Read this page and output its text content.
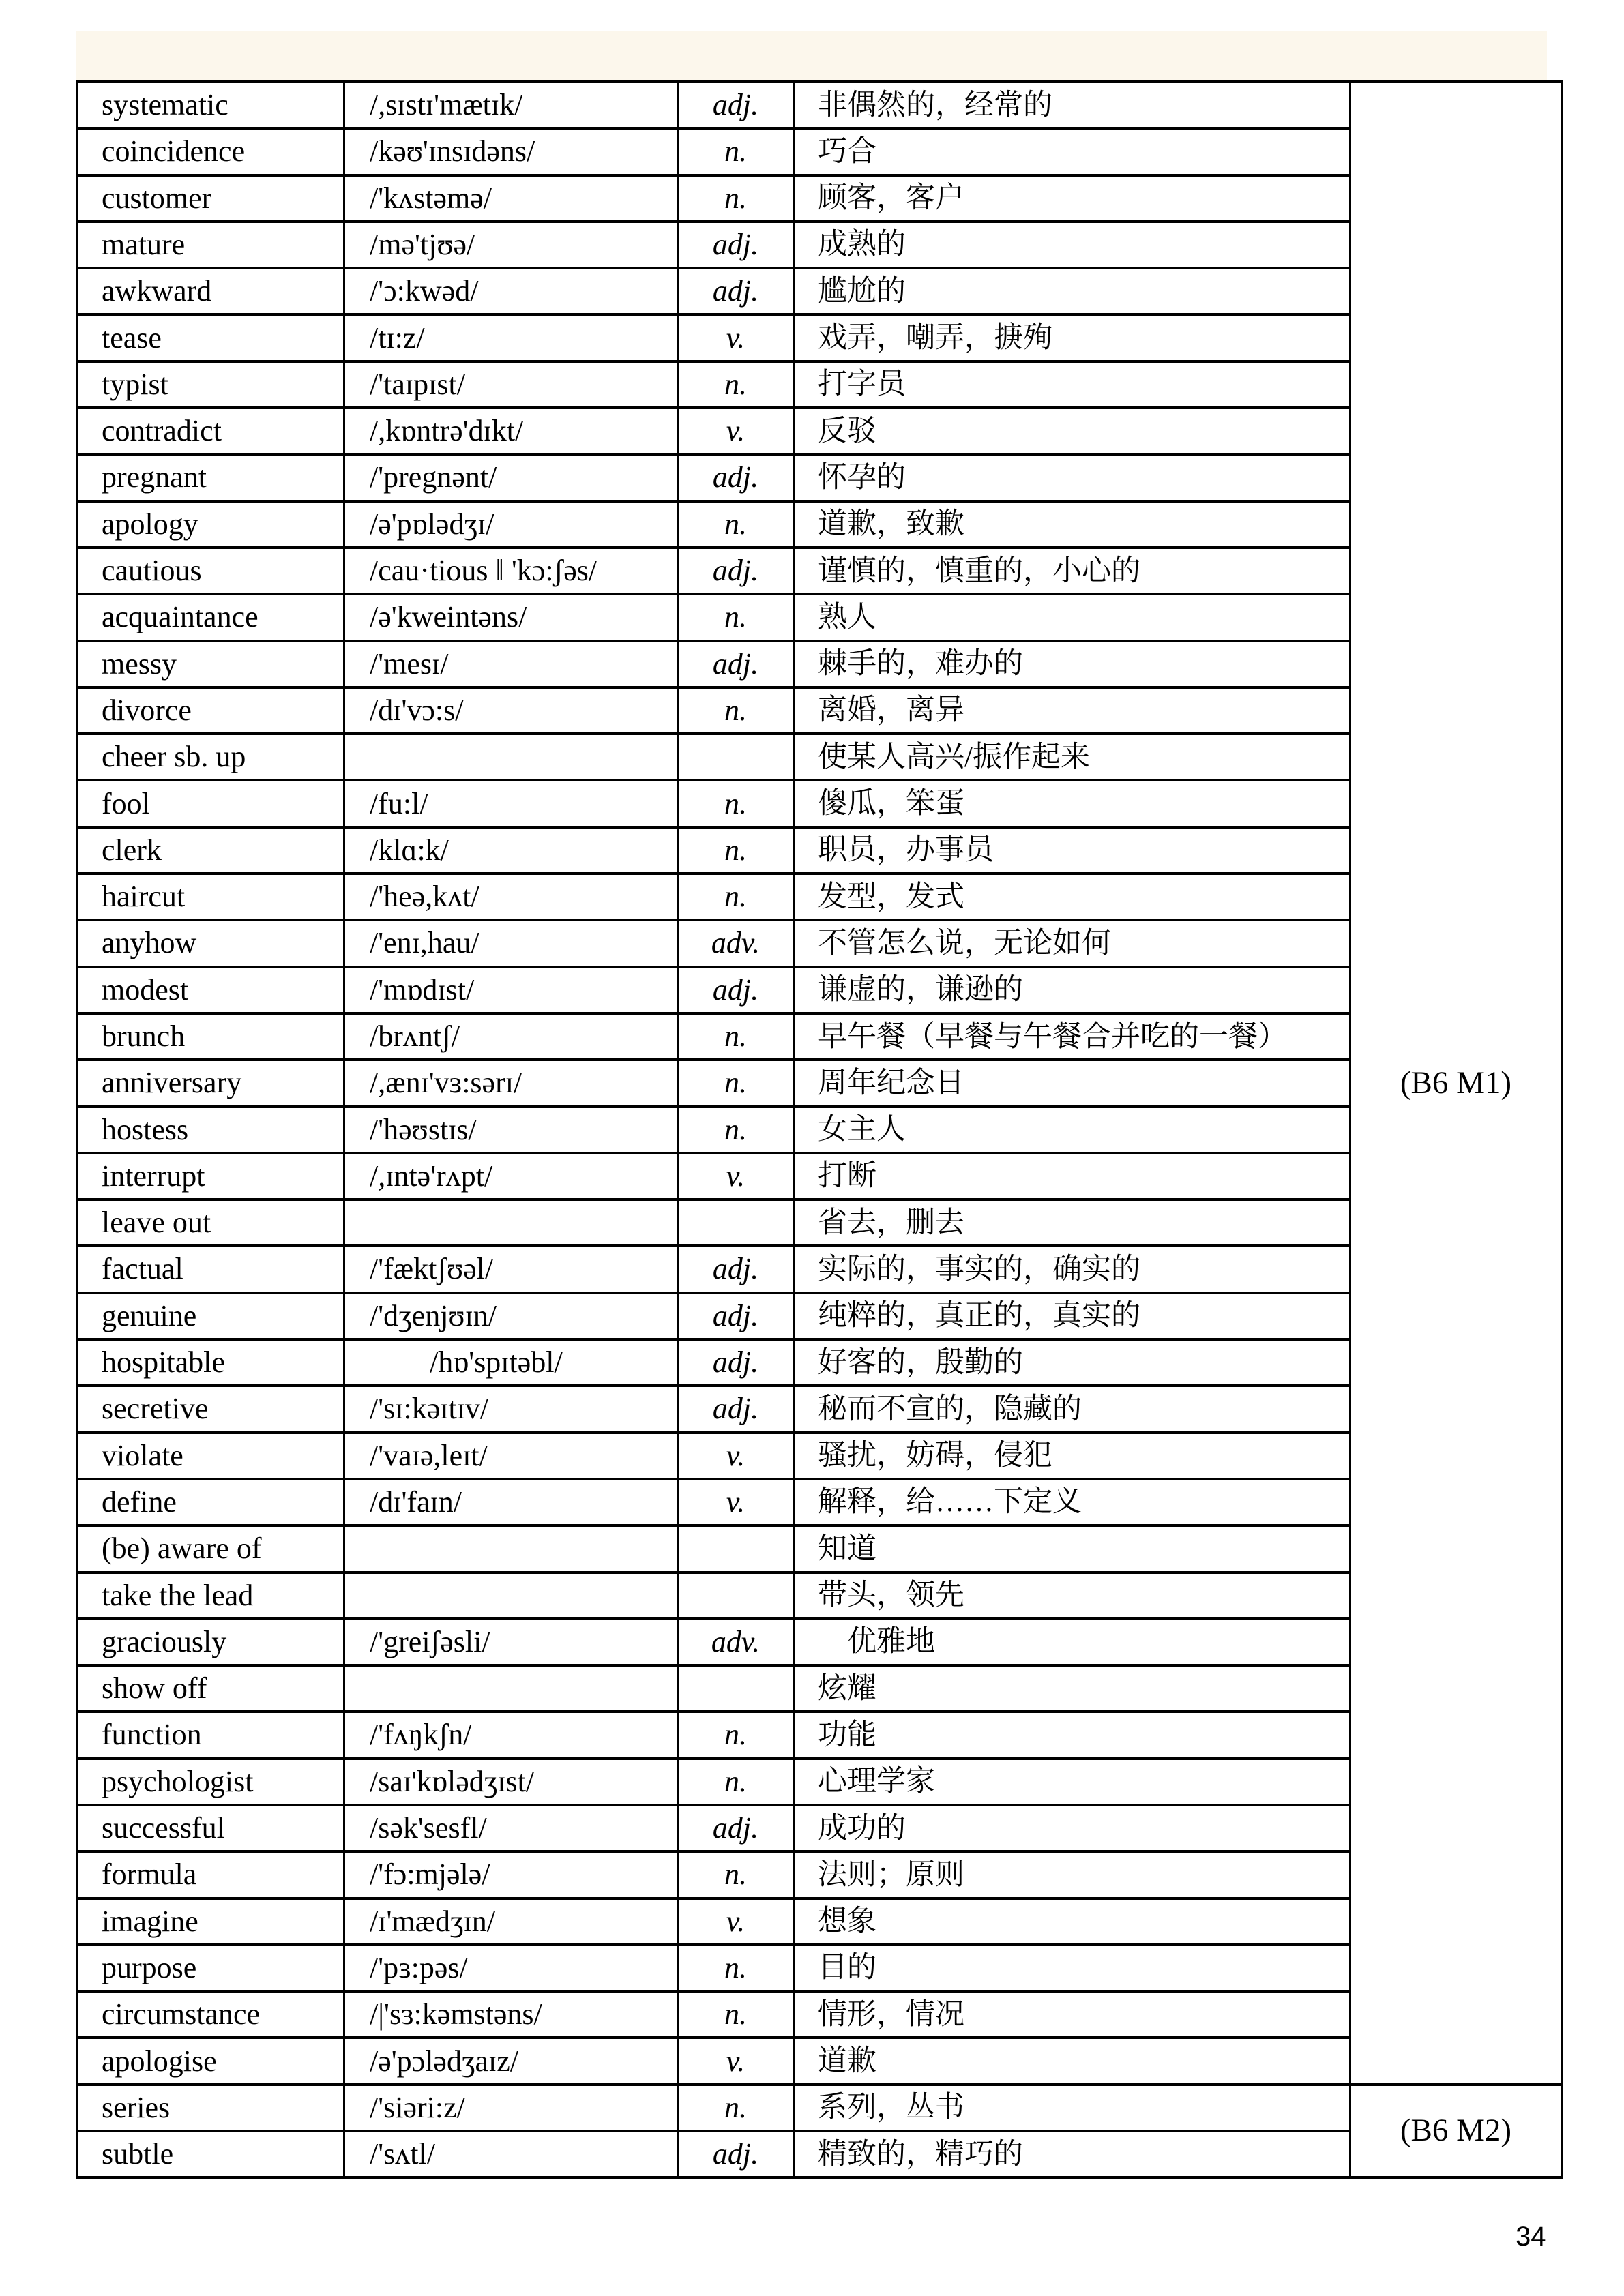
systematic	/,sɪstɪ'mætɪk/	adj.	非偶然的，经常的	(B6 M1)
coincidence	/kəʊ'ɪnsɪdəns/	n.	巧合	
customer	/'kʌstəmə/	n.	顾客，客户	
mature	/mə'tjʊə/	adj.	成熟的	
awkward	/'ɔ:kwəd/	adj.	尴尬的	
tease	/tɪ:z/	v.	戏弄，嘲弄，掶殉	
typist	/'taɪpɪst/	n.	打字员	
contradict	/,kɒntrə'dɪkt/	v.	反驳	
pregnant	/'pregnənt/	adj.	怀孕的	
apology	/ə'pɒlədʒɪ/	n.	道歉，致歉	
cautious	/cau·tious ‖ 'kɔ:ʃəs/	adj.	谨慎的，慎重的，小心的	
acquaintance	/ə'kweintəns/	n.	熟人	
messy	/'mesɪ/	adj.	棘手的，难办的	
divorce	/dɪ'vɔ:s/	n.	离婚，离异	
cheer sb. up			使某人高兴/振作起来	
fool	/fu:l/	n.	傻瓜，笨蛋	
clerk	/klɑ:k/	n.	职员，办事员	
haircut	/'heə,kʌt/	n.	发型，发式	
anyhow	/'enɪ,hau/	adv.	不管怎么说，无论如何	
modest	/'mɒdɪst/	adj.	谦虚的，谦逊的	
brunch	/brʌntʃ/	n.	早午餐（早餐与午餐合并吃的一餐）	
anniversary	/,ænɪ'vɜ:sərɪ/	n.	周年纪念日	
hostess	/'həʊstɪs/	n.	女主人	
interrupt	/,ɪntə'rʌpt/	v.	打断	
leave out			省去，删去	
factual	/'fæktʃʊəl/	adj.	实际的，事实的，确实的	
genuine	/'dʒenjʊɪn/	adj.	纯粹的，真正的，真实的	
hospitable	  /hɒ'spɪtəbl/	adj.	好客的，殷勤的	
secretive	/'sɪ:kəɪtɪv/	adj.	秘而不宣的，隐藏的	
violate	/'vaɪə,leɪt/	v.	骚扰，妨碍，侵犯	
define	/dɪ'faɪn/	v.	解释，给……下定义	
(be) aware of			知道	
take the lead			带头，领先	
graciously	/'greiʃəsli/	adv.	　优雅地	
show off			炫耀	
function	/'fʌŋkʃn/	n.	功能	
psychologist	/saɪ'kɒlədʒɪst/	n.	心理学家	
successful	/sək'sesfl/	adj.	成功的	
formula	/'fɔ:mjələ/	n.	法则；原则	
imagine	/ɪ'mædʒɪn/	v.	想象	
purpose	/'pɜ:pəs/	n.	目的	
circumstance	/|'sɜ:kəmstəns/	n.	情形，情况	
apologise	/ə'pɔlədʒaɪz/	v.	道歉	
series	/'siəri:z/	n.	系列，丛书	(B6 M2)
subtle	/'sʌtl/	adj.	精致的，精巧的	
34
